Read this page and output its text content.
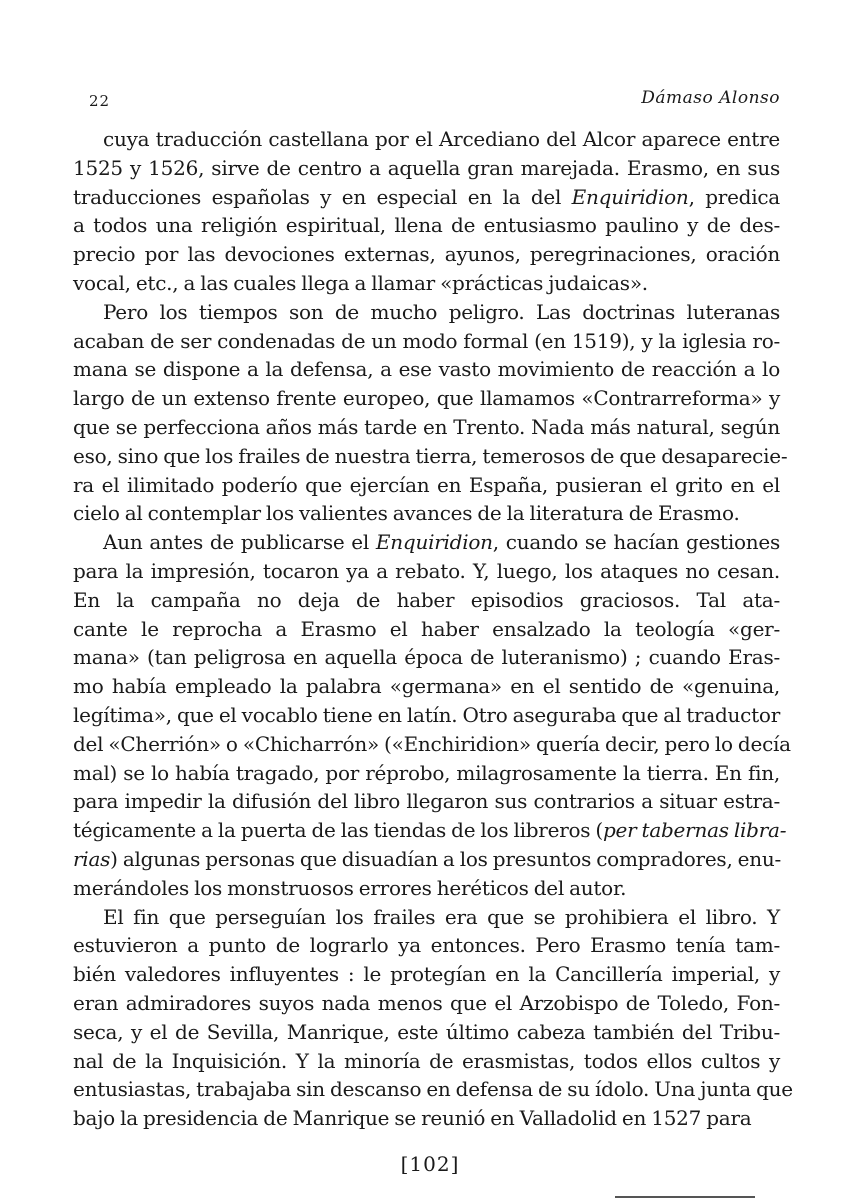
22	Dámaso Alonso
cuya traducción castellana por el Arcediano del Alcor aparece entre
1525 y 1526, sirve de centro a aquella gran marejada. Erasmo, en sus
traducciones españolas y en especial en la del Enquiridion, predica
a todos una religión espiritual, llena de entusiasmo paulino y de des-
precio por las devociones externas, ayunos, peregrinaciones, oración
vocal, etc., a las cuales llega a llamar «prácticas judaicas».
Pero los tiempos son de mucho peligro. Las doctrinas luteranas
acaban de ser condenadas de un modo formal (en 1519), y la iglesia ro-
mana se dispone a la defensa, a ese vasto movimiento de reacción a lo
largo de un extenso frente europeo, que llamamos «Contrarreforma» y
que se perfecciona años más tarde en Trento. Nada más natural, según
eso, sino que los frailes de nuestra tierra, temerosos de que desaparecie-
ra el ilimitado poderío que ejercían en España, pusieran el grito en el
cielo al contemplar los valientes avances de la literatura de Erasmo.
Aun antes de publicarse el Enquiridion, cuando se hacían gestiones
para la impresión, tocaron ya a rebato. Y, luego, los ataques no cesan.
En la campaña no deja de haber episodios graciosos. Tal ata-
cante le reprocha a Erasmo el haber ensalzado la teología «ger-
mana» (tan peligrosa en aquella época de luteranismo) ; cuando Eras-
mo había empleado la palabra «germana» en el sentido de «genuina,
legítima», que el vocablo tiene en latín. Otro aseguraba que al traductor
del «Cherrión» o «Chicharrón» («Enchiridion» quería decir, pero lo decía
mal) se lo había tragado, por réprobo, milagrosamente la tierra. En fin,
para impedir la difusión del libro llegaron sus contrarios a situar estra-
tégicamente a la puerta de las tiendas de los libreros (per tabernas libra-
rias) algunas personas que disuadían a los presuntos compradores, enu-
merándoles los monstruosos errores heréticos del autor.
El fin que perseguían los frailes era que se prohibiera el libro. Y
estuvieron a punto de lograrlo ya entonces. Pero Erasmo tenía tam-
bién valedores influyentes : le protegían en la Cancillería imperial, y
eran admiradores suyos nada menos que el Arzobispo de Toledo, Fon-
seca, y el de Sevilla, Manrique, este último cabeza también del Tribu-
nal de la Inquisición. Y la minoría de erasmistas, todos ellos cultos y
entusiastas, trabajaba sin descanso en defensa de su ídolo. Una junta que
bajo la presidencia de Manrique se reunió en Valladolid en 1527 para
[102]
